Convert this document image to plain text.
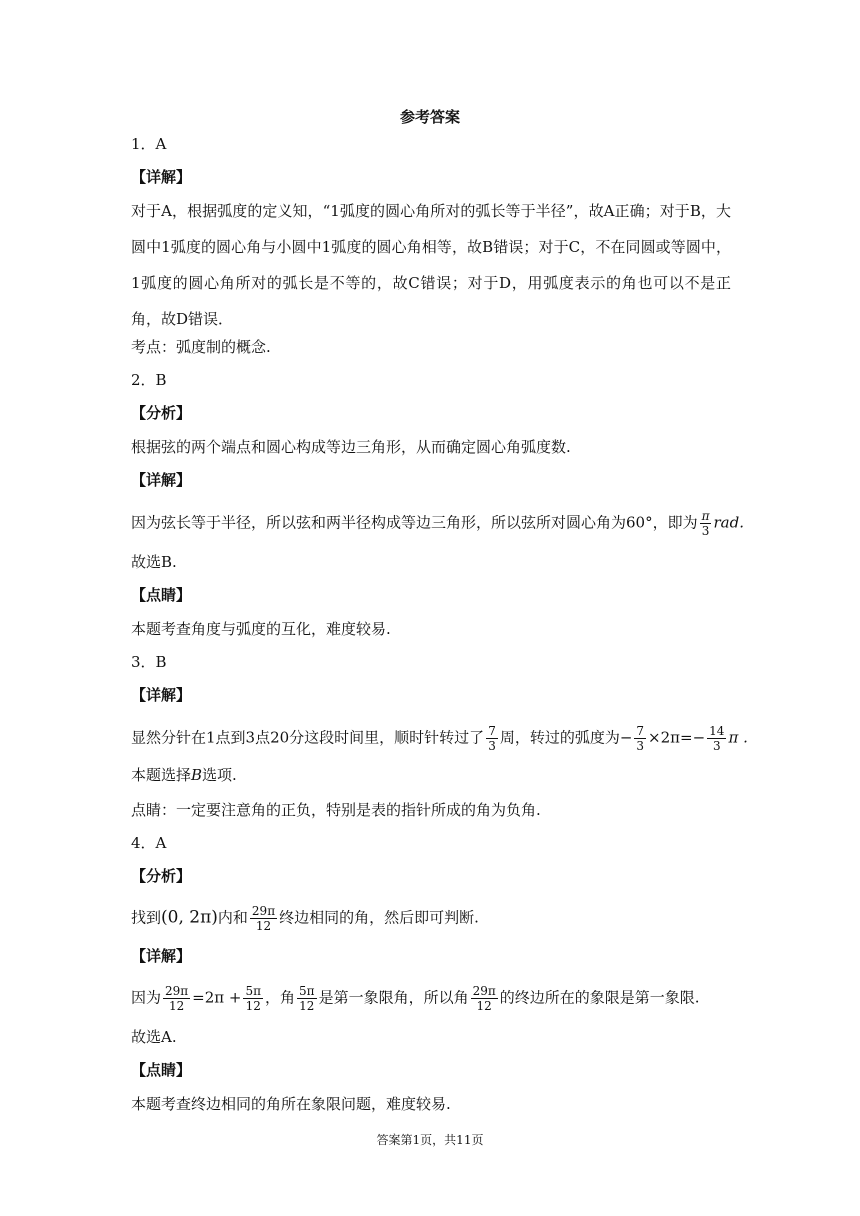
参考答案
1．A
【详解】
对于A，根据弧度的定义知，“1弧度的圆心角所对的弧长等于半径”，故A正确；对于B，大圆中1弧度的圆心角与小圆中1弧度的圆心角相等，故B错误；对于C，不在同圆或等圆中，1弧度的圆心角所对的弧长是不等的，故C错误；对于D，用弧度表示的角也可以不是正角，故D错误．
考点：弧度制的概念.
2．B
【分析】
根据弦的两个端点和圆心构成等边三角形，从而确定圆心角弧度数.
【详解】
因为弦长等于半径，所以弦和两半径构成等边三角形，所以弦所对圆心角为60°，即为 $\frac{\pi}{3}$ rad.
故选B.
【点睛】
本题考查角度与弧度的互化，难度较易.
3．B
【详解】
显然分针在1点到3点20分这段时间里，顺时针转过了 $\frac{7}{3}$ 周，转过的弧度为− $\frac{7}{3} \times 2\pi=- \frac{14}{3}$ π .
本题选择B选项.
点睛：一定要注意角的正负，特别是表的指针所成的角为负角.
4．A
【分析】
找到(0, 2π)内和 $\frac{29\pi}{12}$ 终边相同的角，然后即可判断.
【详解】
因为 $\frac{29\pi}{12} =2\pi + \frac{5\pi}{12}$ ，角 $\frac{5\pi}{12}$ 是第一象限角，所以角 $\frac{29\pi}{12}$ 的终边所在的象限是第一象限.
故选A.
【点睛】
本题考查终边相同的角所在象限问题，难度较易.
答案第1页，共11页
